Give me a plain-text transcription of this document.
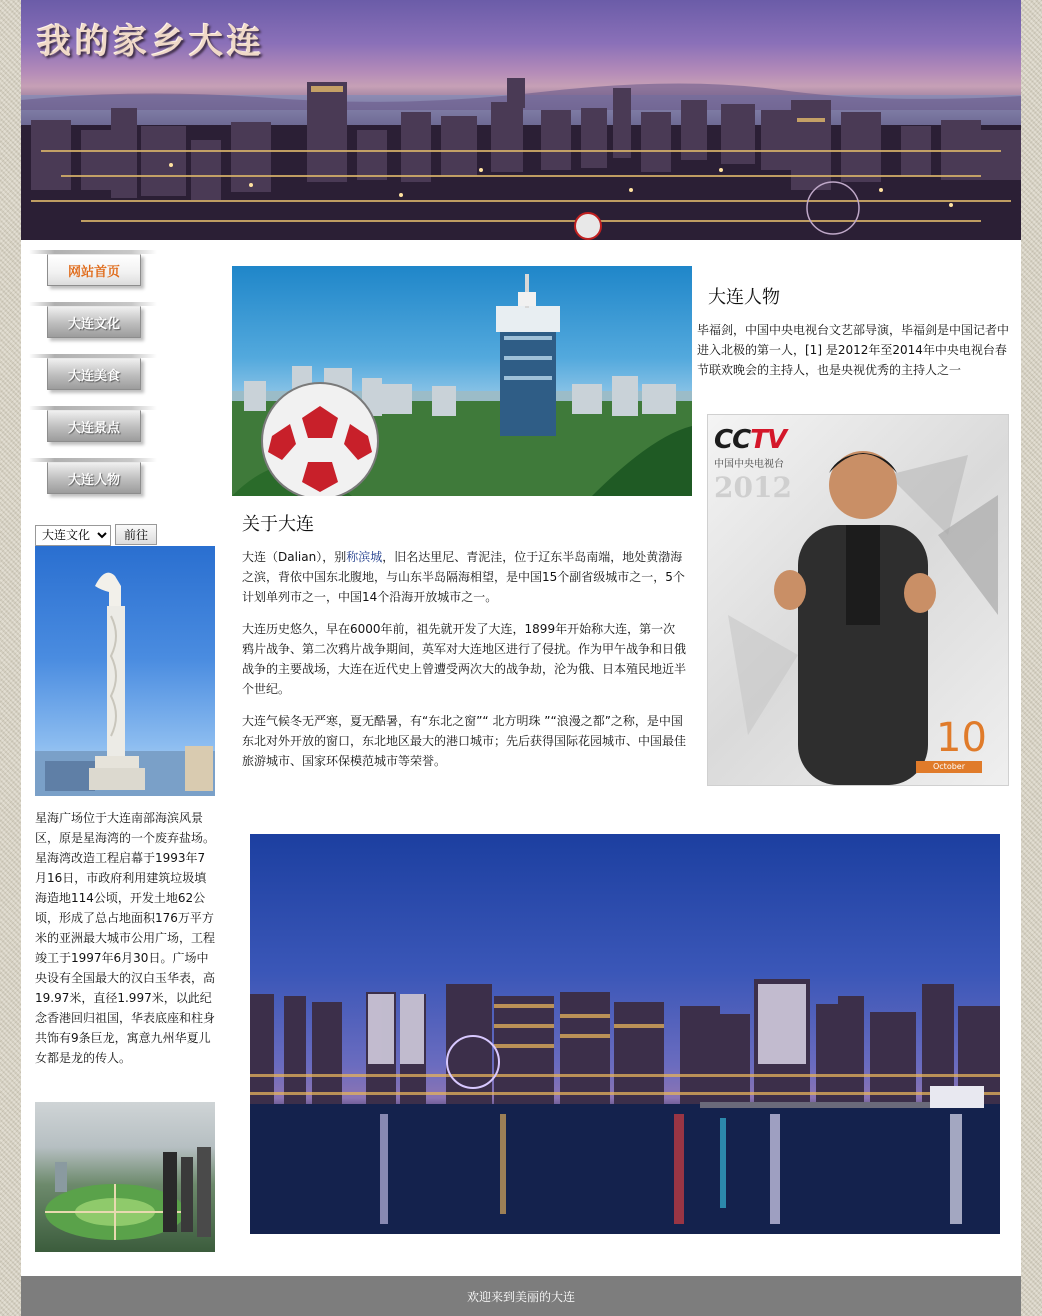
我的家乡大连
网站首页
大连文化
大连美食
大连景点
大连人物
大连文化前往
星海广场位于大连南部海滨风景区，原是星海湾的一个废弃盐场。星海湾改造工程启幕于1993年7月16日，市政府利用建筑垃圾填海造地114公顷，开发土地62公顷，形成了总占地面积176万平方米的亚洲最大城市公用广场，工程竣工于1997年6月30日。广场中央设有全国最大的汉白玉华表，高19.97米，直径1.997米，以此纪念香港回归祖国，华表底座和柱身共饰有9条巨龙，寓意九州华夏儿女都是龙的传人。
关于大连

大连（Dalian），别称滨城，旧名达里尼、青泥洼，位于辽东半岛南端，地处黄渤海之滨，背依中国东北腹地，与山东半岛隔海相望，是中国15个副省级城市之一，5个计划单列市之一，中国14个沿海开放城市之一。

大连历史悠久，早在6000年前，祖先就开发了大连，1899年开始称大连，第一次鸦片战争、第二次鸦片战争期间，英军对大连地区进行了侵扰。作为甲午战争和日俄战争的主要战场，大连在近代史上曾遭受两次大的战争劫，沦为俄、日本殖民地近半个世纪。

大连气候冬无严寒，夏无酷暑，有“东北之窗”“ 北方明珠 ”“浪漫之都”之称，是中国东北对外开放的窗口，东北地区最大的港口城市；先后获得国际花园城市、中国最佳旅游城市、国家环保模范城市等荣誉。

大连人物
毕福剑，中国中央电视台文艺部导演，毕福剑是中国记者中进入北极的第一人，[1] 是2012年至2014年中央电视台春节联欢晚会的主持人，也是央视优秀的主持人之一
CCTV
中国中央电视台
2012
10
October
欢迎来到美丽的大连
